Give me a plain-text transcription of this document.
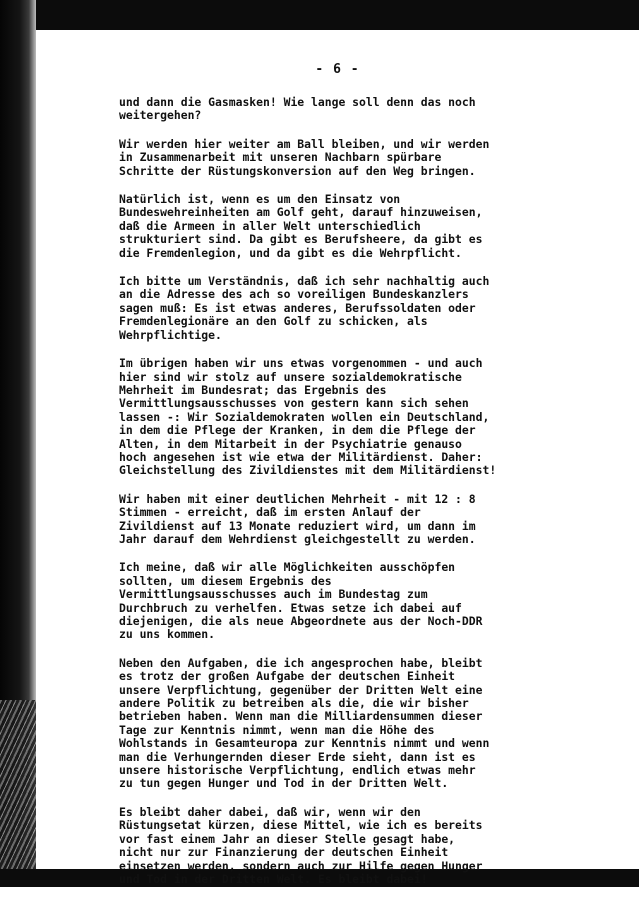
- 6 -
und dann die Gasmasken! Wie lange soll denn das noch
weitergehen?
Wir werden hier weiter am Ball bleiben, und wir werden
in Zusammenarbeit mit unseren Nachbarn spürbare
Schritte der Rüstungskonversion auf den Weg bringen.
Natürlich ist, wenn es um den Einsatz von
Bundeswehreinheiten am Golf geht, darauf hinzuweisen,
daß die Armeen in aller Welt unterschiedlich
strukturiert sind. Da gibt es Berufsheere, da gibt es
die Fremdenlegion, und da gibt es die Wehrpflicht.
Ich bitte um Verständnis, daß ich sehr nachhaltig auch
an die Adresse des ach so voreiligen Bundeskanzlers
sagen muß: Es ist etwas anderes, Berufssoldaten oder
Fremdenlegionäre an den Golf zu schicken, als
Wehrpflichtige.
Im übrigen haben wir uns etwas vorgenommen - und auch
hier sind wir stolz auf unsere sozialdemokratische
Mehrheit im Bundesrat; das Ergebnis des
Vermittlungsausschusses von gestern kann sich sehen
lassen -: Wir Sozialdemokraten wollen ein Deutschland,
in dem die Pflege der Kranken, in dem die Pflege der
Alten, in dem Mitarbeit in der Psychiatrie genauso
hoch angesehen ist wie etwa der Militärdienst. Daher:
Gleichstellung des Zivildienstes mit dem Militärdienst!
Wir haben mit einer deutlichen Mehrheit - mit 12 : 8
Stimmen - erreicht, daß im ersten Anlauf der
Zivildienst auf 13 Monate reduziert wird, um dann im
Jahr darauf dem Wehrdienst gleichgestellt zu werden.
Ich meine, daß wir alle Möglichkeiten ausschöpfen
sollten, um diesem Ergebnis des
Vermittlungsausschusses auch im Bundestag zum
Durchbruch zu verhelfen. Etwas setze ich dabei auf
diejenigen, die als neue Abgeordnete aus der Noch-DDR
zu uns kommen.
Neben den Aufgaben, die ich angesprochen habe, bleibt
es trotz der großen Aufgabe der deutschen Einheit
unsere Verpflichtung, gegenüber der Dritten Welt eine
andere Politik zu betreiben als die, die wir bisher
betrieben haben. Wenn man die Milliardensummen dieser
Tage zur Kenntnis nimmt, wenn man die Höhe des
Wohlstands in Gesamteuropa zur Kenntnis nimmt und wenn
man die Verhungernden dieser Erde sieht, dann ist es
unsere historische Verpflichtung, endlich etwas mehr
zu tun gegen Hunger und Tod in der Dritten Welt.
Es bleibt daher dabei, daß wir, wenn wir den
Rüstungsetat kürzen, diese Mittel, wie ich es bereits
vor fast einem Jahr an dieser Stelle gesagt habe,
nicht nur zur Finanzierung der deutschen Einheit
einsetzen werden, sondern auch zur Hilfe gegen Hunger
und Tod in der Dritten Welt. Es bleibt dabei!
